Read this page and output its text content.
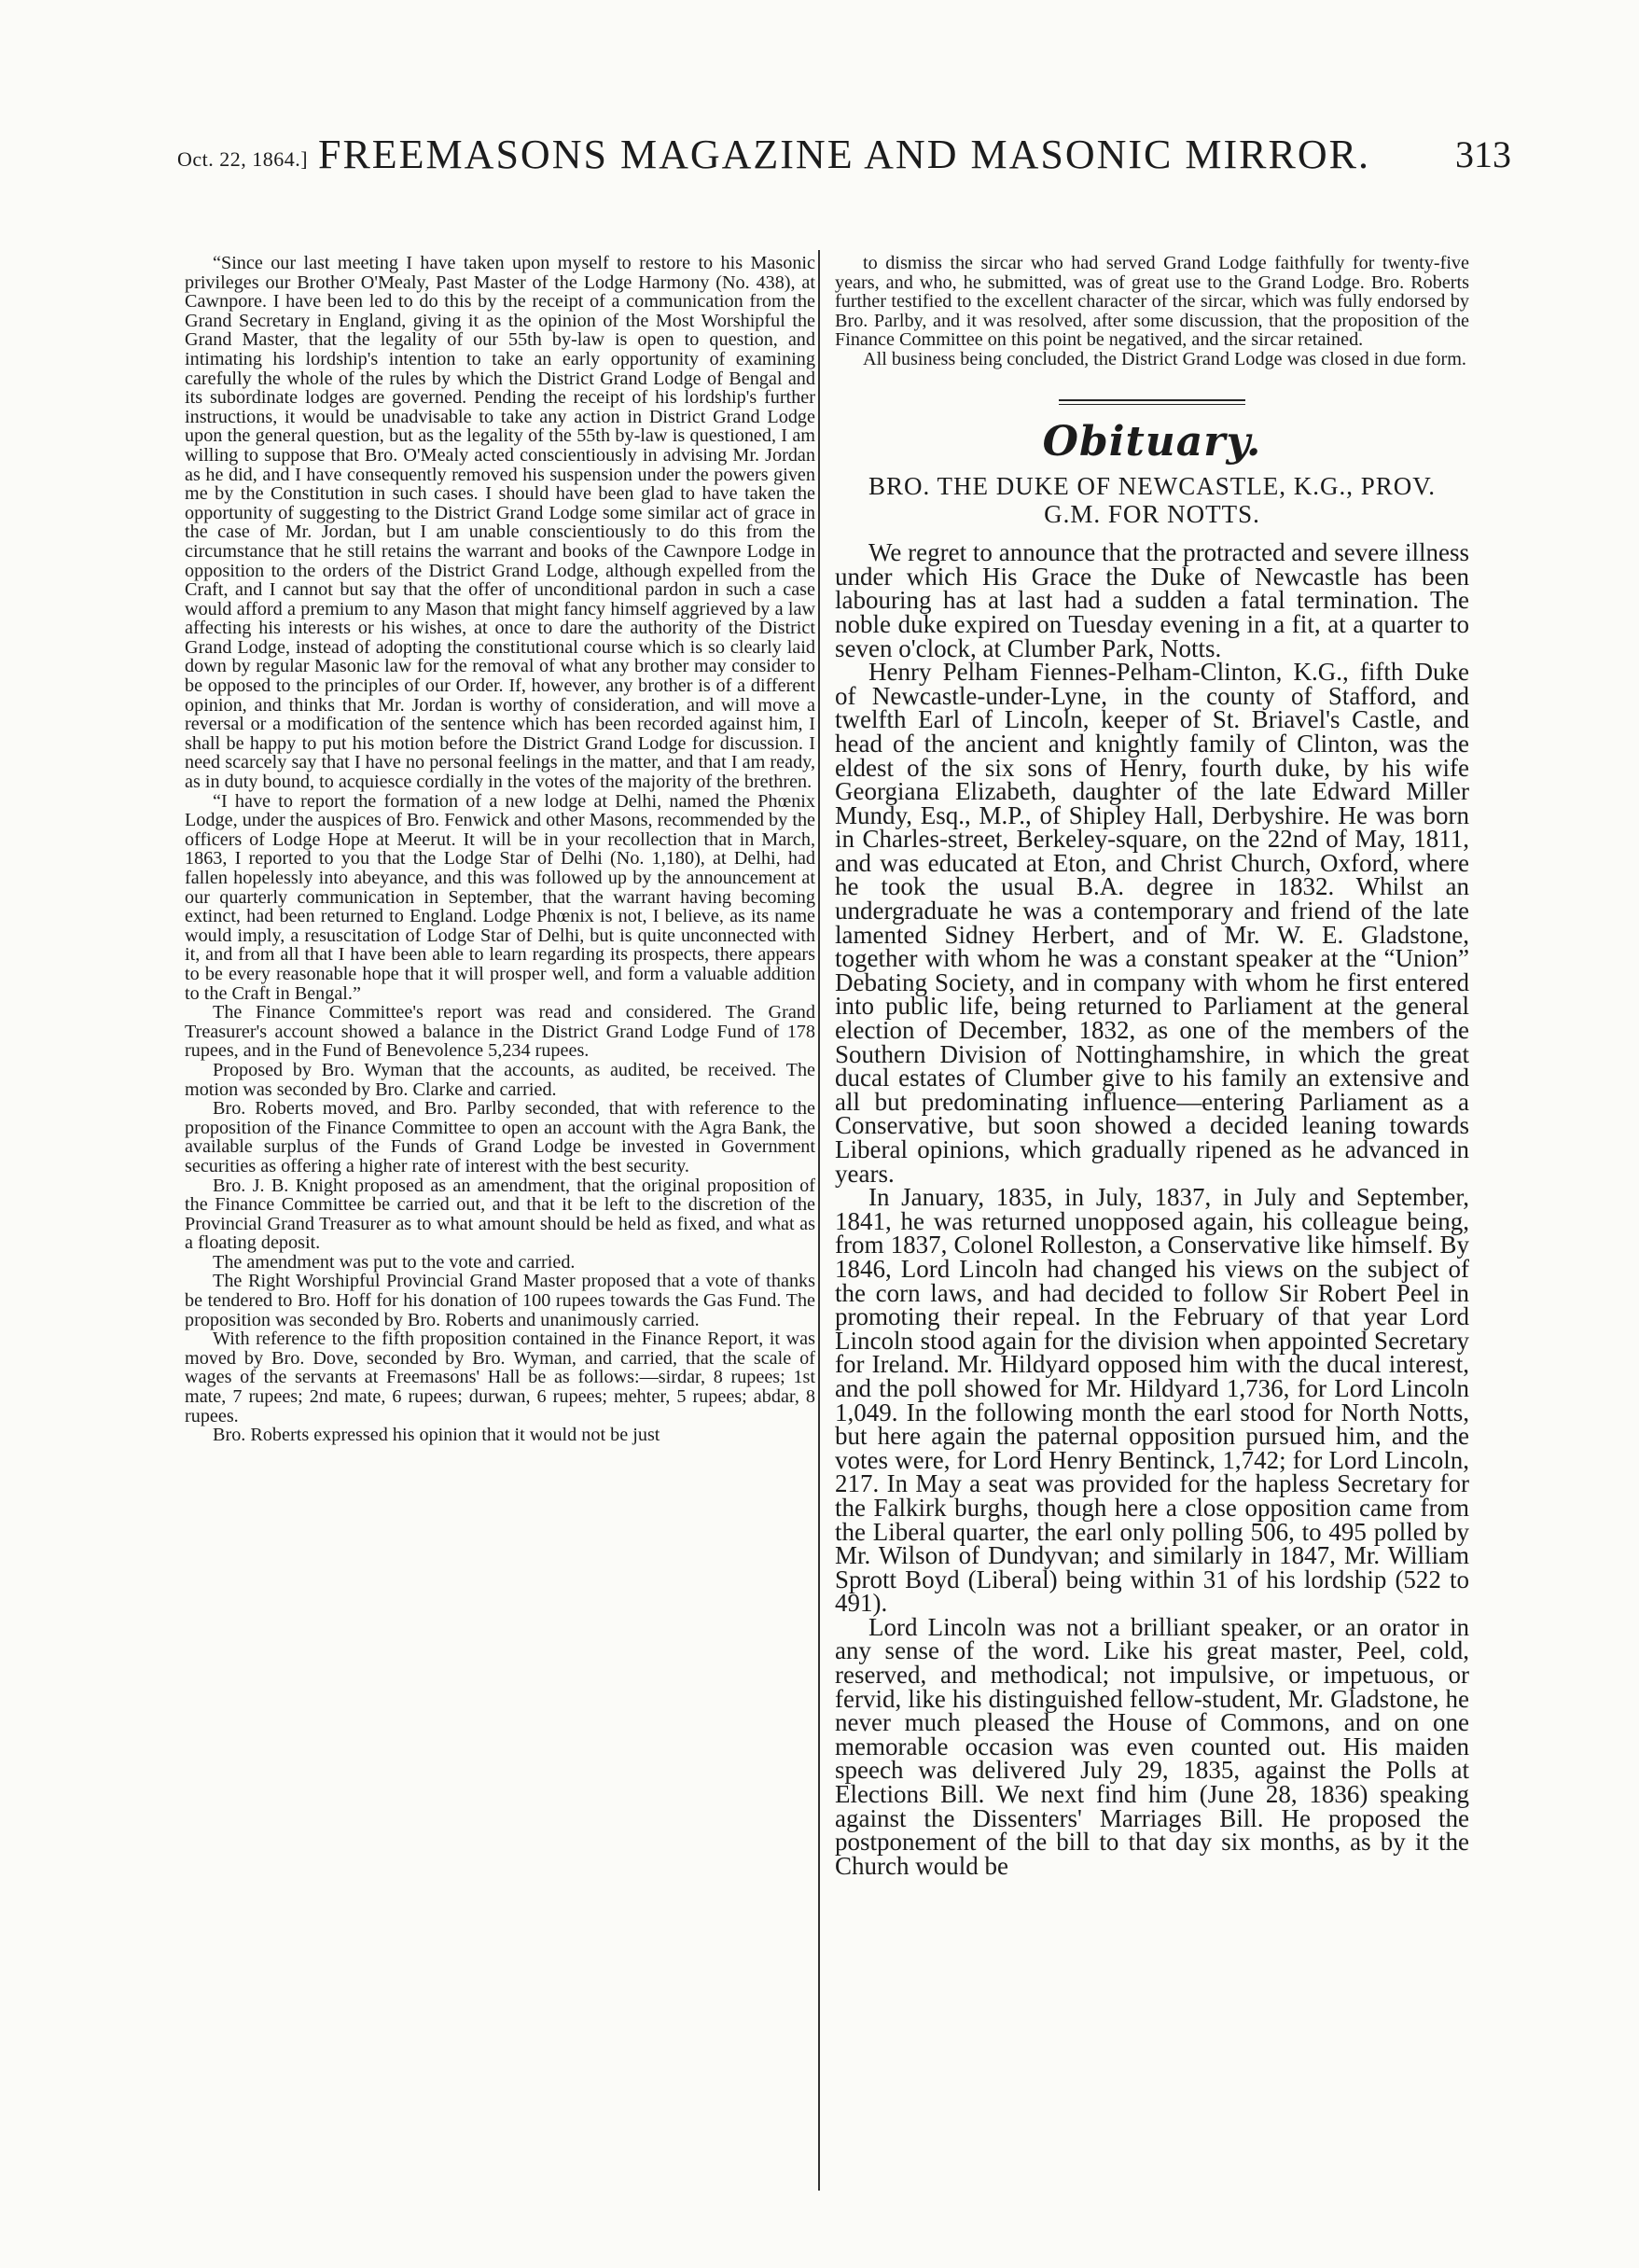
Oct. 22, 1864.] FREEMASONS MAGAZINE AND MASONIC MIRROR.	313

“Since our last meeting I have taken upon myself to restore to his Masonic privileges our Brother O'Mealy, Past Master of the Lodge Harmony (No. 438), at Cawnpore. I have been led to do this by the receipt of a communication from the Grand Secretary in England, giving it as the opinion of the Most Worshipful the Grand Master, that the legality of our 55th by-law is open to question, and intimating his lordship's intention to take an early opportunity of examining carefully the whole of the rules by which the District Grand Lodge of Bengal and its subordinate lodges are governed. Pending the receipt of his lordship's further instructions, it would be unadvisable to take any action in District Grand Lodge upon the general question, but as the legality of the 55th by-law is questioned, I am willing to suppose that Bro. O'Mealy acted conscientiously in advising Mr. Jordan as he did, and I have consequently removed his suspension under the powers given me by the Constitution in such cases. I should have been glad to have taken the opportunity of suggesting to the District Grand Lodge some similar act of grace in the case of Mr. Jordan, but I am unable conscientiously to do this from the circumstance that he still retains the warrant and books of the Cawnpore Lodge in opposition to the orders of the District Grand Lodge, although expelled from the Craft, and I cannot but say that the offer of unconditional pardon in such a case would afford a premium to any Mason that might fancy himself aggrieved by a law affecting his interests or his wishes, at once to dare the authority of the District Grand Lodge, instead of adopting the constitutional course which is so clearly laid down by regular Masonic law for the removal of what any brother may consider to be opposed to the principles of our Order. If, however, any brother is of a different opinion, and thinks that Mr. Jordan is worthy of consideration, and will move a reversal or a modification of the sentence which has been recorded against him, I shall be happy to put his motion before the District Grand Lodge for discussion. I need scarcely say that I have no personal feelings in the matter, and that I am ready, as in duty bound, to acquiesce cordially in the votes of the majority of the brethren.

“I have to report the formation of a new lodge at Delhi, named the Phœnix Lodge, under the auspices of Bro. Fenwick and other Masons, recommended by the officers of Lodge Hope at Meerut. It will be in your recollection that in March, 1863, I reported to you that the Lodge Star of Delhi (No. 1,180), at Delhi, had fallen hopelessly into abeyance, and this was followed up by the announcement at our quarterly communication in September, that the warrant having becoming extinct, had been returned to England. Lodge Phœnix is not, I believe, as its name would imply, a resuscitation of Lodge Star of Delhi, but is quite unconnected with it, and from all that I have been able to learn regarding its prospects, there appears to be every reasonable hope that it will prosper well, and form a valuable addition to the Craft in Bengal.”

The Finance Committee's report was read and considered. The Grand Treasurer's account showed a balance in the District Grand Lodge Fund of 178 rupees, and in the Fund of Benevolence 5,234 rupees.

Proposed by Bro. Wyman that the accounts, as audited, be received. The motion was seconded by Bro. Clarke and carried.

Bro. Roberts moved, and Bro. Parlby seconded, that with reference to the proposition of the Finance Committee to open an account with the Agra Bank, the available surplus of the Funds of Grand Lodge be invested in Government securities as offering a higher rate of interest with the best security.

Bro. J. B. Knight proposed as an amendment, that the original proposition of the Finance Committee be carried out, and that it be left to the discretion of the Provincial Grand Treasurer as to what amount should be held as fixed, and what as a floating deposit.

The amendment was put to the vote and carried.

The Right Worshipful Provincial Grand Master proposed that a vote of thanks be tendered to Bro. Hoff for his donation of 100 rupees towards the Gas Fund. The proposition was seconded by Bro. Roberts and unanimously carried.

With reference to the fifth proposition contained in the Finance Report, it was moved by Bro. Dove, seconded by Bro. Wyman, and carried, that the scale of wages of the servants at Freemasons' Hall be as follows:—sirdar, 8 rupees; 1st mate, 7 rupees; 2nd mate, 6 rupees; durwan, 6 rupees; mehter, 5 rupees; abdar, 8 rupees.

Bro. Roberts expressed his opinion that it would not be just

to dismiss the sircar who had served Grand Lodge faithfully for twenty-five years, and who, he submitted, was of great use to the Grand Lodge. Bro. Roberts further testified to the excellent character of the sircar, which was fully endorsed by Bro. Parlby, and it was resolved, after some discussion, that the proposition of the Finance Committee on this point be negatived, and the sircar retained.

All business being concluded, the District Grand Lodge was closed in due form.

Obituary.
BRO. THE DUKE OF NEWCASTLE, K.G., PROV. G.M. FOR NOTTS.

We regret to announce that the protracted and severe illness under which His Grace the Duke of Newcastle has been labouring has at last had a sudden a fatal termination. The noble duke expired on Tuesday evening in a fit, at a quarter to seven o'clock, at Clumber Park, Notts.

Henry Pelham Fiennes-Pelham-Clinton, K.G., fifth Duke of Newcastle-under-Lyne, in the county of Stafford, and twelfth Earl of Lincoln, keeper of St. Briavel's Castle, and head of the ancient and knightly family of Clinton, was the eldest of the six sons of Henry, fourth duke, by his wife Georgiana Elizabeth, daughter of the late Edward Miller Mundy, Esq., M.P., of Shipley Hall, Derbyshire. He was born in Charles-street, Berkeley-square, on the 22nd of May, 1811, and was educated at Eton, and Christ Church, Oxford, where he took the usual B.A. degree in 1832. Whilst an undergraduate he was a contemporary and friend of the late lamented Sidney Herbert, and of Mr. W. E. Gladstone, together with whom he was a constant speaker at the “Union” Debating Society, and in company with whom he first entered into public life, being returned to Parliament at the general election of December, 1832, as one of the members of the Southern Division of Nottinghamshire, in which the great ducal estates of Clumber give to his family an extensive and all but predominating influence—entering Parliament as a Conservative, but soon showed a decided leaning towards Liberal opinions, which gradually ripened as he advanced in years.

In January, 1835, in July, 1837, in July and September, 1841, he was returned unopposed again, his colleague being, from 1837, Colonel Rolleston, a Conservative like himself. By 1846, Lord Lincoln had changed his views on the subject of the corn laws, and had decided to follow Sir Robert Peel in promoting their repeal. In the February of that year Lord Lincoln stood again for the division when appointed Secretary for Ireland. Mr. Hildyard opposed him with the ducal interest, and the poll showed for Mr. Hildyard 1,736, for Lord Lincoln 1,049. In the following month the earl stood for North Notts, but here again the paternal opposition pursued him, and the votes were, for Lord Henry Bentinck, 1,742; for Lord Lincoln, 217. In May a seat was provided for the hapless Secretary for the Falkirk burghs, though here a close opposition came from the Liberal quarter, the earl only polling 506, to 495 polled by Mr. Wilson of Dundyvan; and similarly in 1847, Mr. William Sprott Boyd (Liberal) being within 31 of his lordship (522 to 491).

Lord Lincoln was not a brilliant speaker, or an orator in any sense of the word. Like his great master, Peel, cold, reserved, and methodical; not impulsive, or impetuous, or fervid, like his distinguished fellow-student, Mr. Gladstone, he never much pleased the House of Commons, and on one memorable occasion was even counted out. His maiden speech was delivered July 29, 1835, against the Polls at Elections Bill. We next find him (June 28, 1836) speaking against the Dissenters' Marriages Bill. He proposed the postponement of the bill to that day six months, as by it the Church would be
